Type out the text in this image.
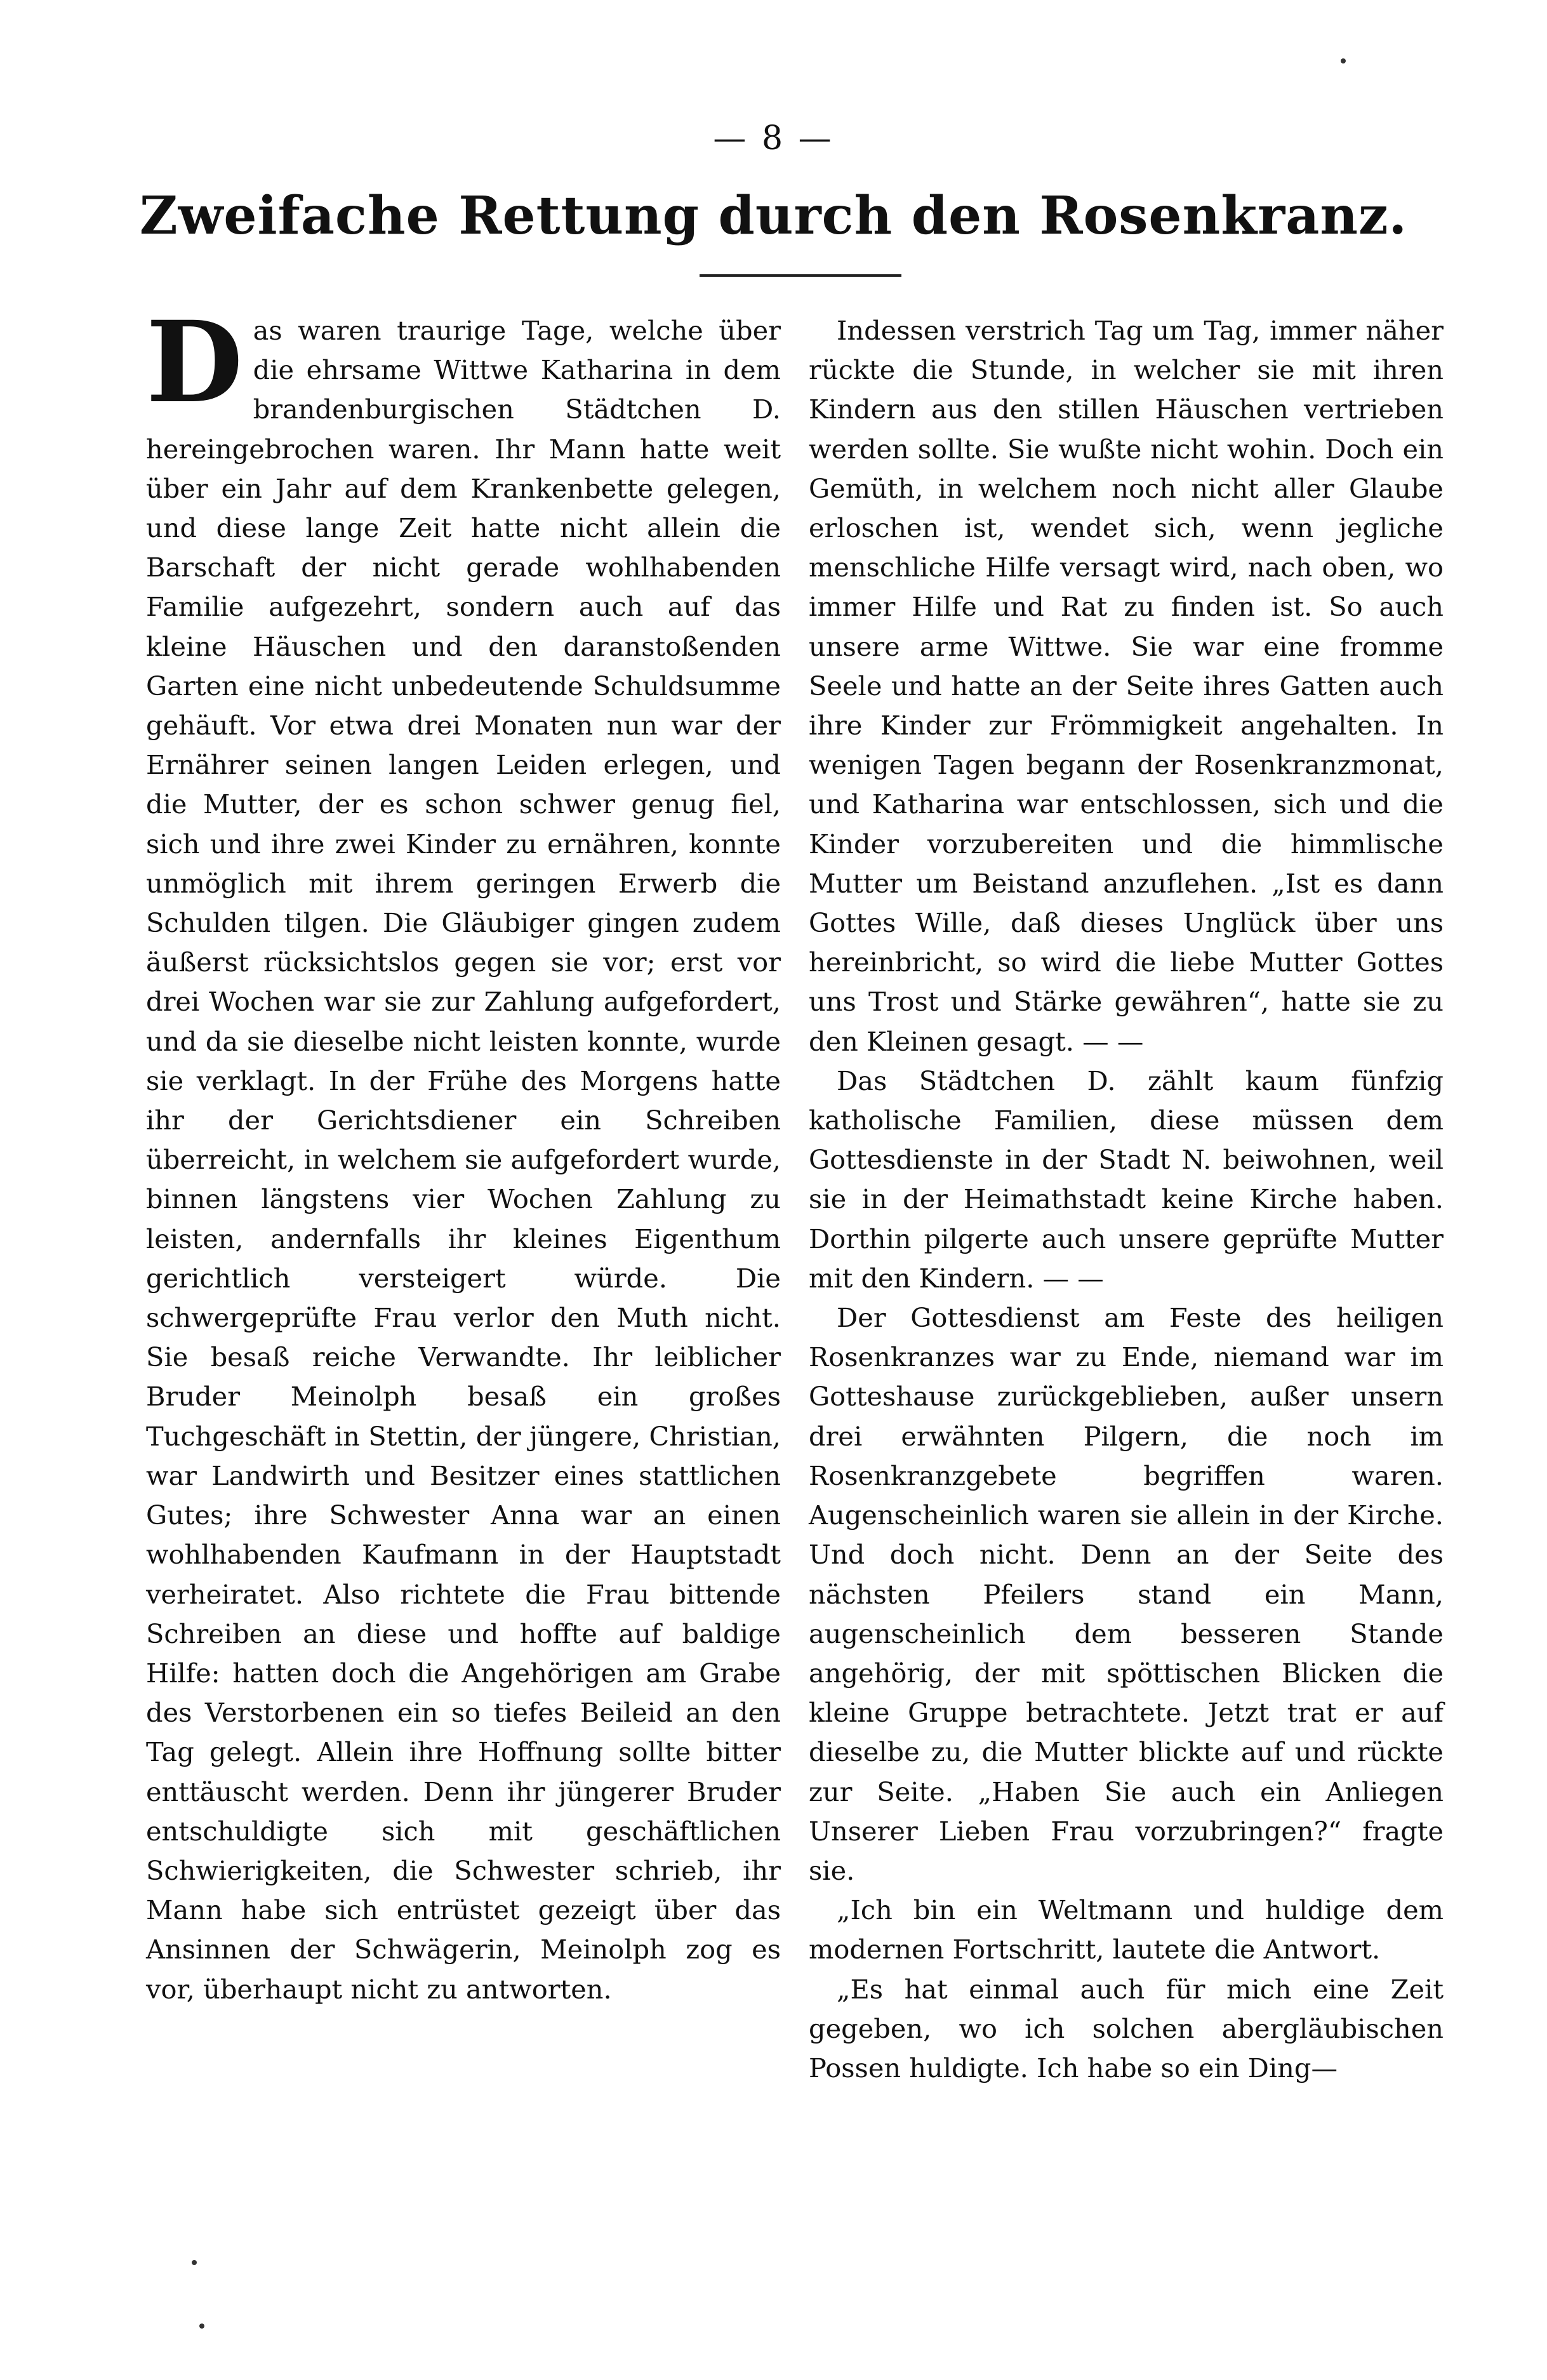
— 8 —
Zweifache Rettung durch den Rosenkranz.

Das waren traurige Tage, welche über die ehrsame Wittwe Katharina in dem brandenburgischen Städtchen D. hereingebrochen waren. Ihr Mann hatte weit über ein Jahr auf dem Krankenbette gelegen, und diese lange Zeit hatte nicht allein die Barschaft der nicht gerade wohlhabenden Familie aufgezehrt, sondern auch auf das kleine Häuschen und den daranstoßenden Garten eine nicht unbedeutende Schuldsumme gehäuft. Vor etwa drei Monaten nun war der Ernährer seinen langen Leiden erlegen, und die Mutter, der es schon schwer genug fiel, sich und ihre zwei Kinder zu ernähren, konnte unmöglich mit ihrem geringen Erwerb die Schulden tilgen. Die Gläubiger gingen zudem äußerst rücksichtslos gegen sie vor; erst vor drei Wochen war sie zur Zahlung aufgefordert, und da sie dieselbe nicht leisten konnte, wurde sie verklagt. In der Frühe des Morgens hatte ihr der Gerichtsdiener ein Schreiben überreicht, in welchem sie aufgefordert wurde, binnen längstens vier Wochen Zahlung zu leisten, andernfalls ihr kleines Eigenthum gerichtlich versteigert würde. Die schwergeprüfte Frau verlor den Muth nicht. Sie besaß reiche Verwandte. Ihr leiblicher Bruder Meinolph besaß ein großes Tuchgeschäft in Stettin, der jüngere, Christian, war Landwirth und Besitzer eines stattlichen Gutes; ihre Schwester Anna war an einen wohlhabenden Kaufmann in der Hauptstadt verheiratet. Also richtete die Frau bittende Schreiben an diese und hoffte auf baldige Hilfe: hatten doch die Angehörigen am Grabe des Verstorbenen ein so tiefes Beileid an den Tag gelegt. Allein ihre Hoffnung sollte bitter enttäuscht werden. Denn ihr jüngerer Bruder entschuldigte sich mit geschäftlichen Schwierigkeiten, die Schwester schrieb, ihr Mann habe sich entrüstet gezeigt über das Ansinnen der Schwägerin, Meinolph zog es vor, überhaupt nicht zu antworten.

Indessen verstrich Tag um Tag, immer näher rückte die Stunde, in welcher sie mit ihren Kindern aus den stillen Häuschen vertrieben werden sollte. Sie wußte nicht wohin. Doch ein Gemüth, in welchem noch nicht aller Glaube erloschen ist, wendet sich, wenn jegliche menschliche Hilfe versagt wird, nach oben, wo immer Hilfe und Rat zu finden ist. So auch unsere arme Wittwe. Sie war eine fromme Seele und hatte an der Seite ihres Gatten auch ihre Kinder zur Frömmigkeit angehalten. In wenigen Tagen begann der Rosenkranzmonat, und Katharina war entschlossen, sich und die Kinder vorzubereiten und die himmlische Mutter um Beistand anzuflehen. „Ist es dann Gottes Wille, daß dieses Unglück über uns hereinbricht, so wird die liebe Mutter Gottes uns Trost und Stärke gewähren“, hatte sie zu den Kleinen gesagt. — —

Das Städtchen D. zählt kaum fünfzig katholische Familien, diese müssen dem Gottesdienste in der Stadt N. beiwohnen, weil sie in der Heimathstadt keine Kirche haben. Dorthin pilgerte auch unsere geprüfte Mutter mit den Kindern. — —

Der Gottesdienst am Feste des heiligen Rosenkranzes war zu Ende, niemand war im Gotteshause zurückgeblieben, außer unsern drei erwähnten Pilgern, die noch im Rosenkranzgebete begriffen waren. Augenscheinlich waren sie allein in der Kirche. Und doch nicht. Denn an der Seite des nächsten Pfeilers stand ein Mann, augenscheinlich dem besseren Stande angehörig, der mit spöttischen Blicken die kleine Gruppe betrachtete. Jetzt trat er auf dieselbe zu, die Mutter blickte auf und rückte zur Seite. „Haben Sie auch ein Anliegen Unserer Lieben Frau vorzubringen?“ fragte sie.

„Ich bin ein Weltmann und huldige dem modernen Fortschritt, lautete die Antwort.

„Es hat einmal auch für mich eine Zeit gegeben, wo ich solchen abergläubischen Possen huldigte. Ich habe so ein Ding—
